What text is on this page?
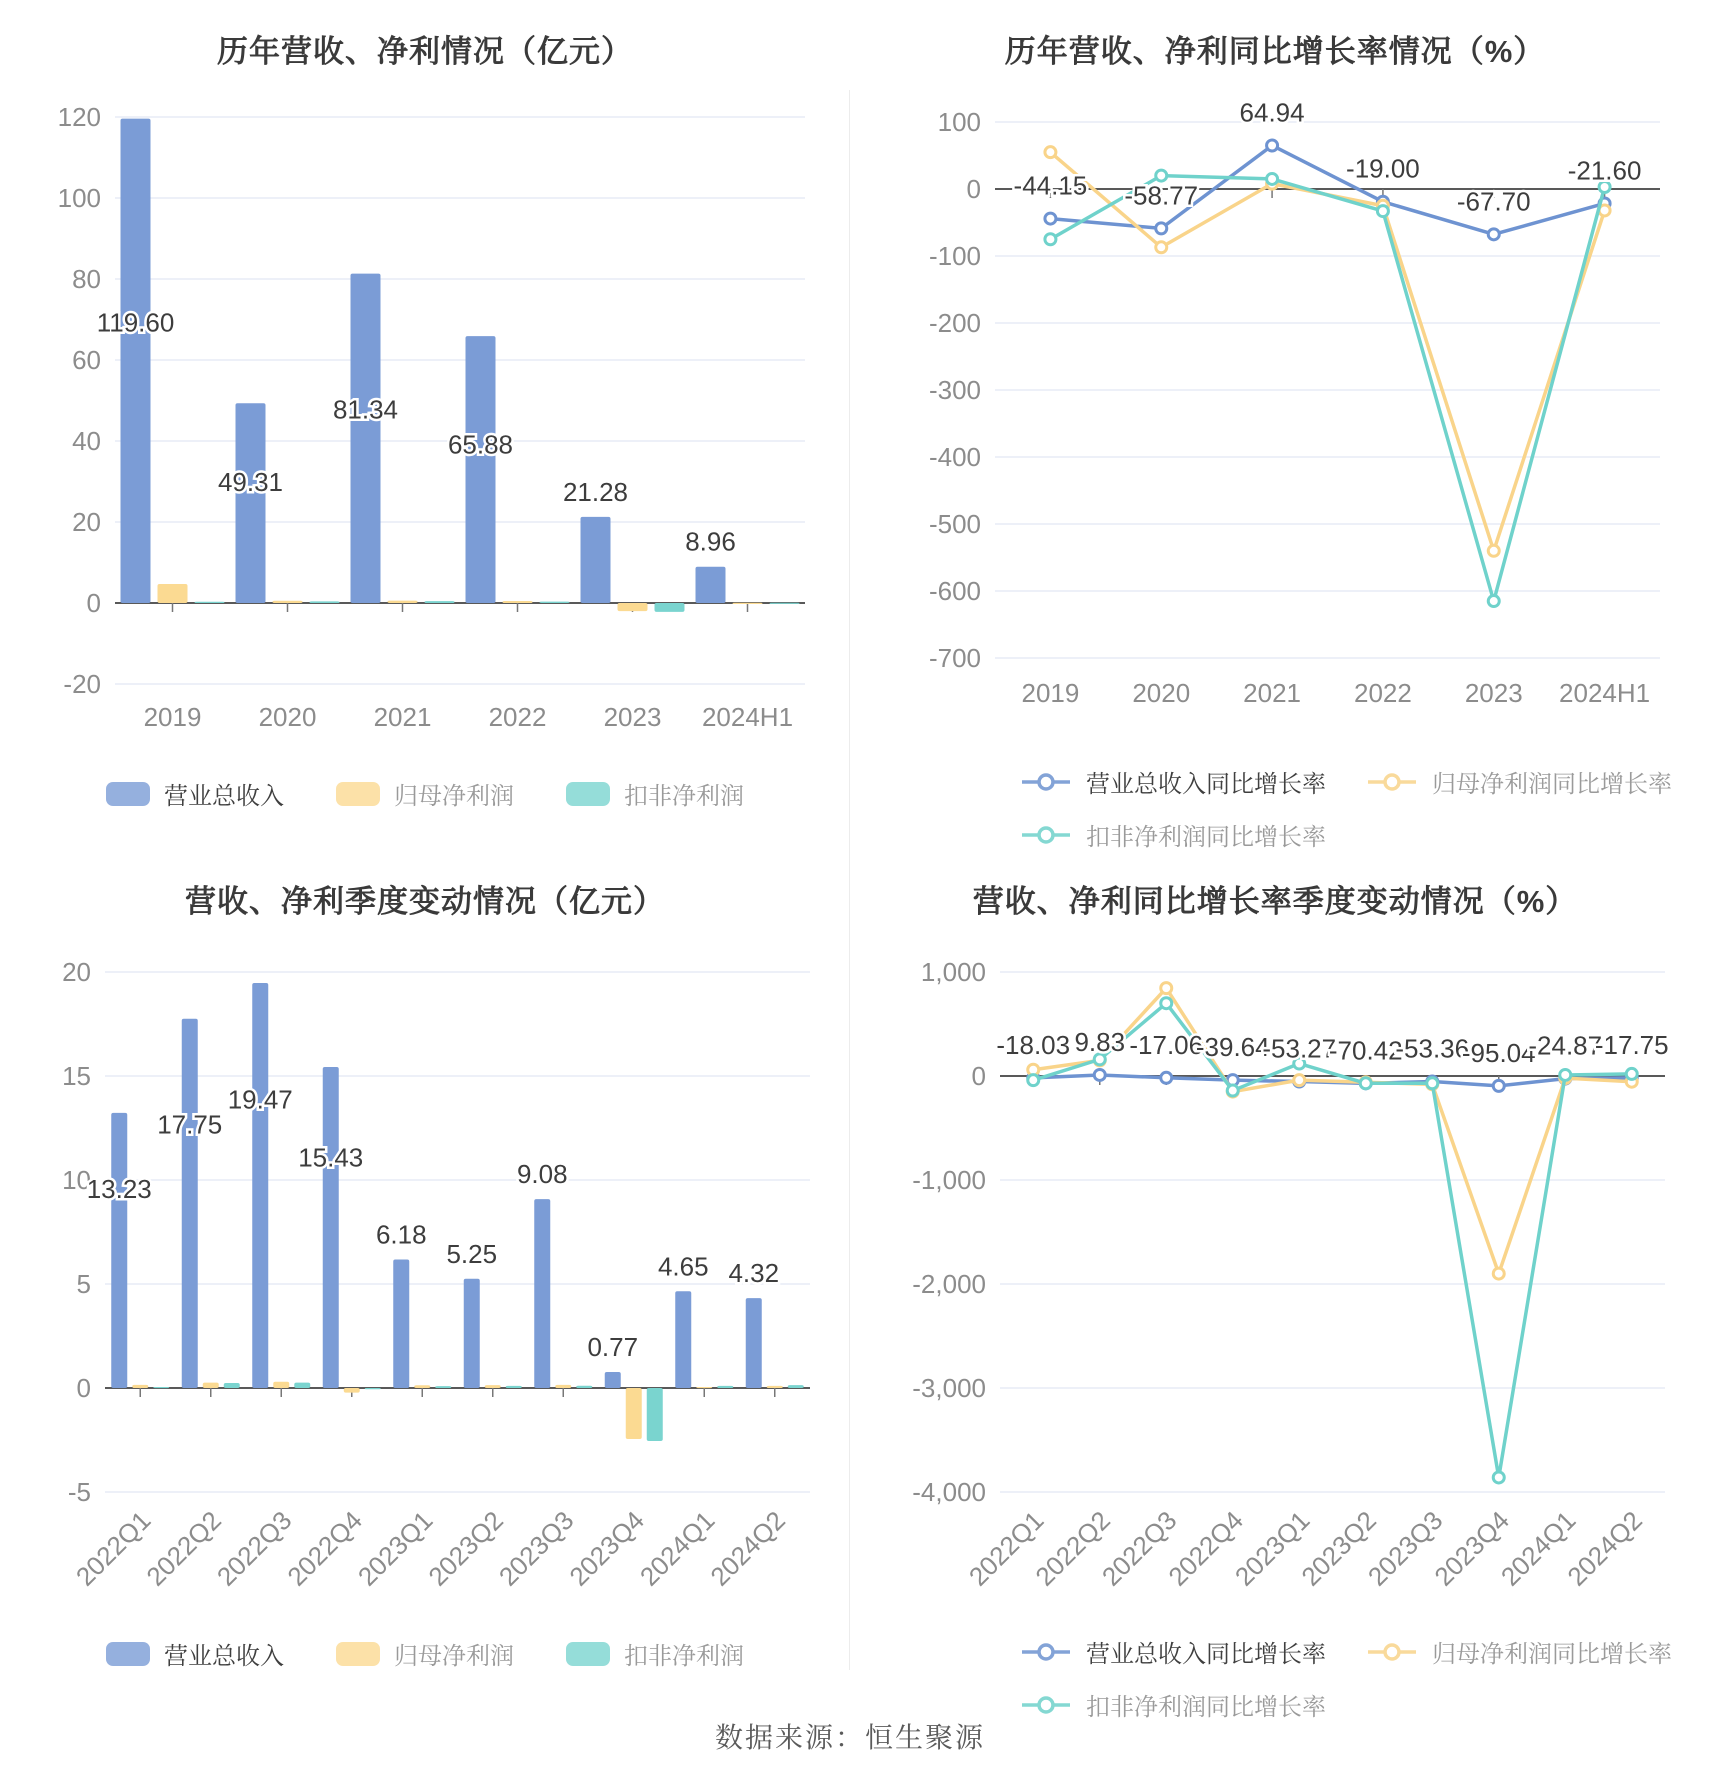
历年营收、净利情况（亿元）
120
100
80
60
40
20
0
-20
2019 2020 2021 2022 2023 2024H1
119.60
49.31
81.34
65.88
21.28
8.96
营业总收入	归母净利润	扣非净利润
历年营收、净利同比增长率情况（%）
100
0
-100
-200
-300
-400
-500
-600
-700
2019 2020 2021 2022 2023 2024H1
-44.15 -58.77
64.94
-19.00
-67.70
-21.60
营业总收入同比增长率	归母净利润同比增长率
扣非净利润同比增长率
营收、净利季度变动情况（亿元）
20
15
10
5
0
-5
2022Q1
2022Q2
2022Q3
2022Q4
2023Q1
2023Q2
2023Q3
2023Q4
2024Q1
2024Q2
13.23
17.75
19.47
15.43
6.18
5.25
9.08
0.77
4.65 4.32
营业总收入	归母净利润	扣非净利润
营收、净利同比增长率季度变动情况（%）
1,000
0
-1,000
-2,000
-3,000
-4,000
2022Q1
2022Q2
2022Q3
2022Q4
2023Q1
2023Q2
2023Q3
2023Q4
2024Q1
2024Q2
-18.03 9.83 -17.06
-39.64
-53.27
-70.42
-53.36
-95.04
-24.87
-17.75
营业总收入同比增长率	归母净利润同比增长率
扣非净利润同比增长率
数据来源：恒生聚源
